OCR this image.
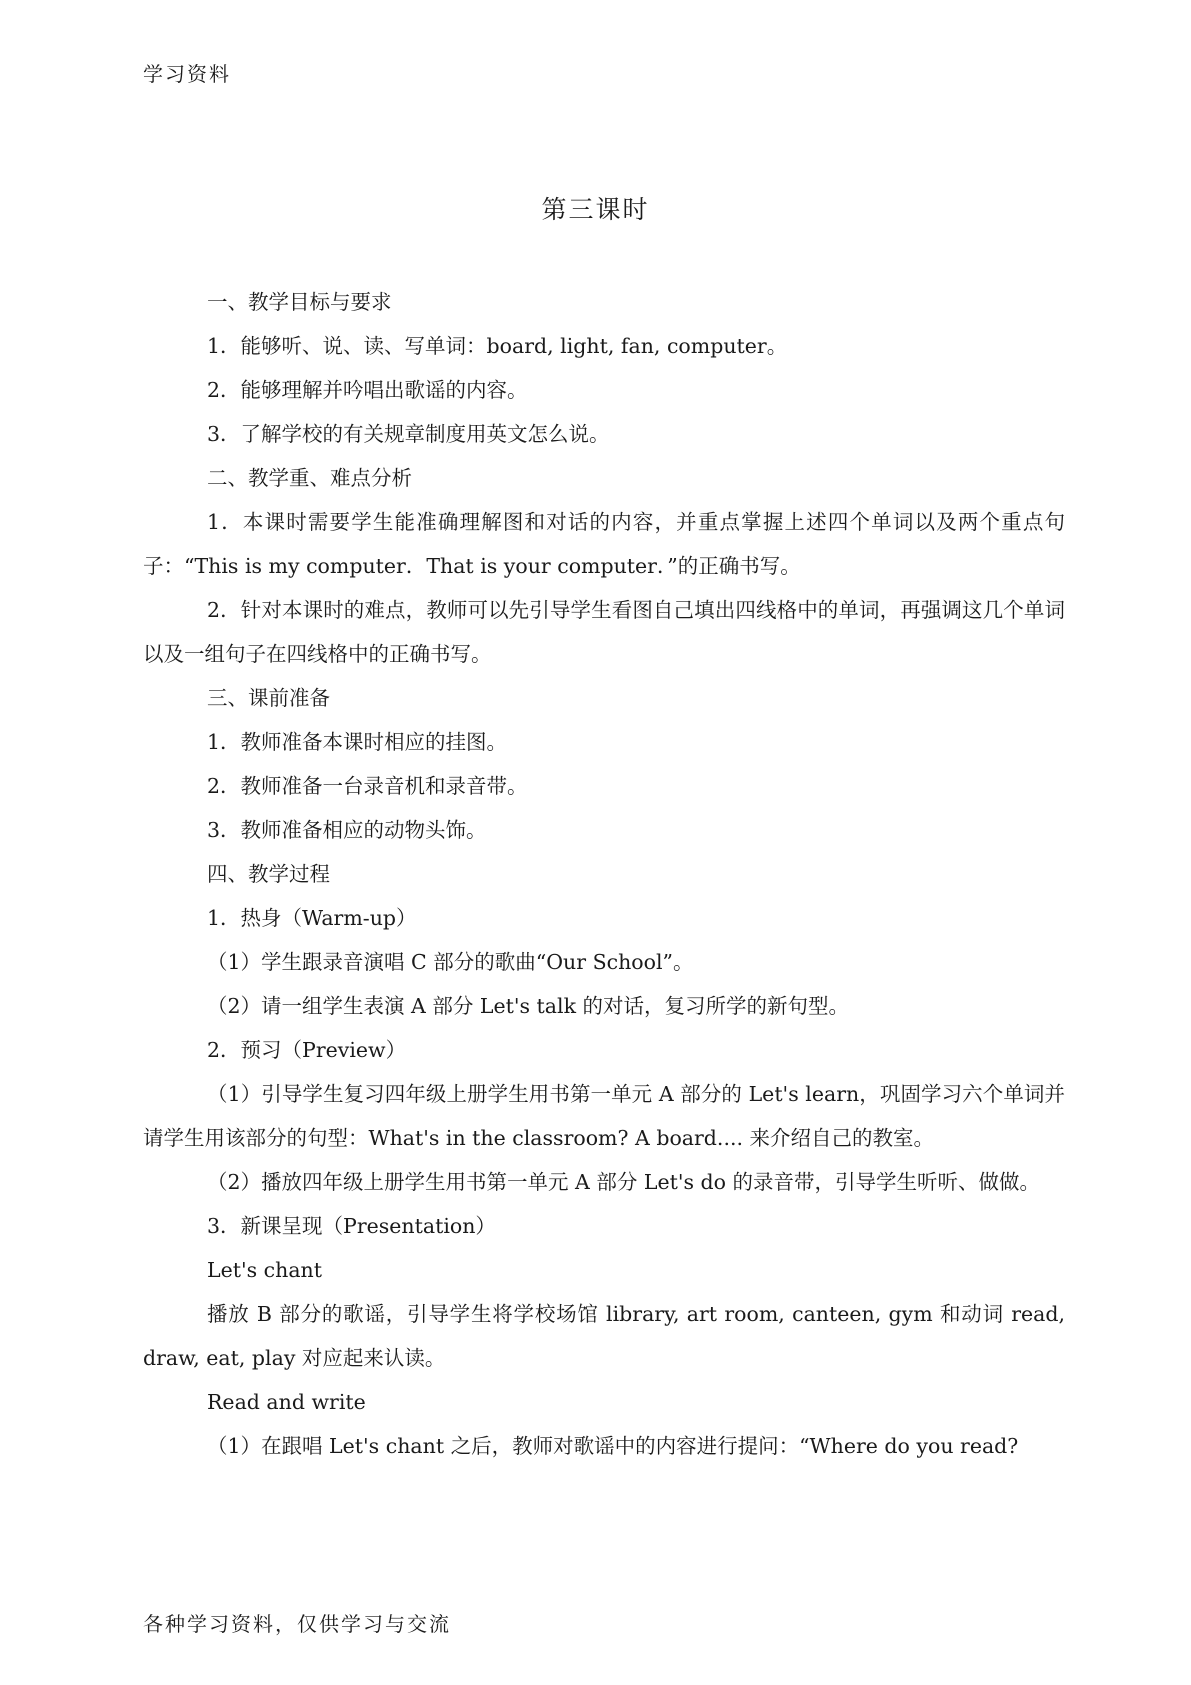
学习资料
第三课时

一、教学目标与要求

1．能够听、说、读、写单词：board, light, fan, computer。

2．能够理解并吟唱出歌谣的内容。

3．了解学校的有关规章制度用英文怎么说。

二、教学重、难点分析

1．本课时需要学生能准确理解图和对话的内容，并重点掌握上述四个单词以及两个重点句子：“This is my computer．That is your computer．”的正确书写。

2．针对本课时的难点，教师可以先引导学生看图自己填出四线格中的单词，再强调这几个单词以及一组句子在四线格中的正确书写。

三、课前准备

1．教师准备本课时相应的挂图。

2．教师准备一台录音机和录音带。

3．教师准备相应的动物头饰。

四、教学过程

1．热身（Warm-up）

（1）学生跟录音演唱 C 部分的歌曲“Our School”。

（2）请一组学生表演 A 部分 Let's talk 的对话，复习所学的新句型。

2．预习（Preview）

（1）引导学生复习四年级上册学生用书第一单元 A 部分的 Let's learn，巩固学习六个单词并请学生用该部分的句型：What's in the classroom? A board.... 来介绍自己的教室。

（2）播放四年级上册学生用书第一单元 A 部分 Let's do 的录音带，引导学生听听、做做。

3．新课呈现（Presentation）

Let's chant

播放 B 部分的歌谣，引导学生将学校场馆 library, art room, canteen, gym 和动词 read, draw, eat, play 对应起来认读。

Read and write

（1）在跟唱 Let's chant 之后，教师对歌谣中的内容进行提问：“Where do you read?

各种学习资料，仅供学习与交流
